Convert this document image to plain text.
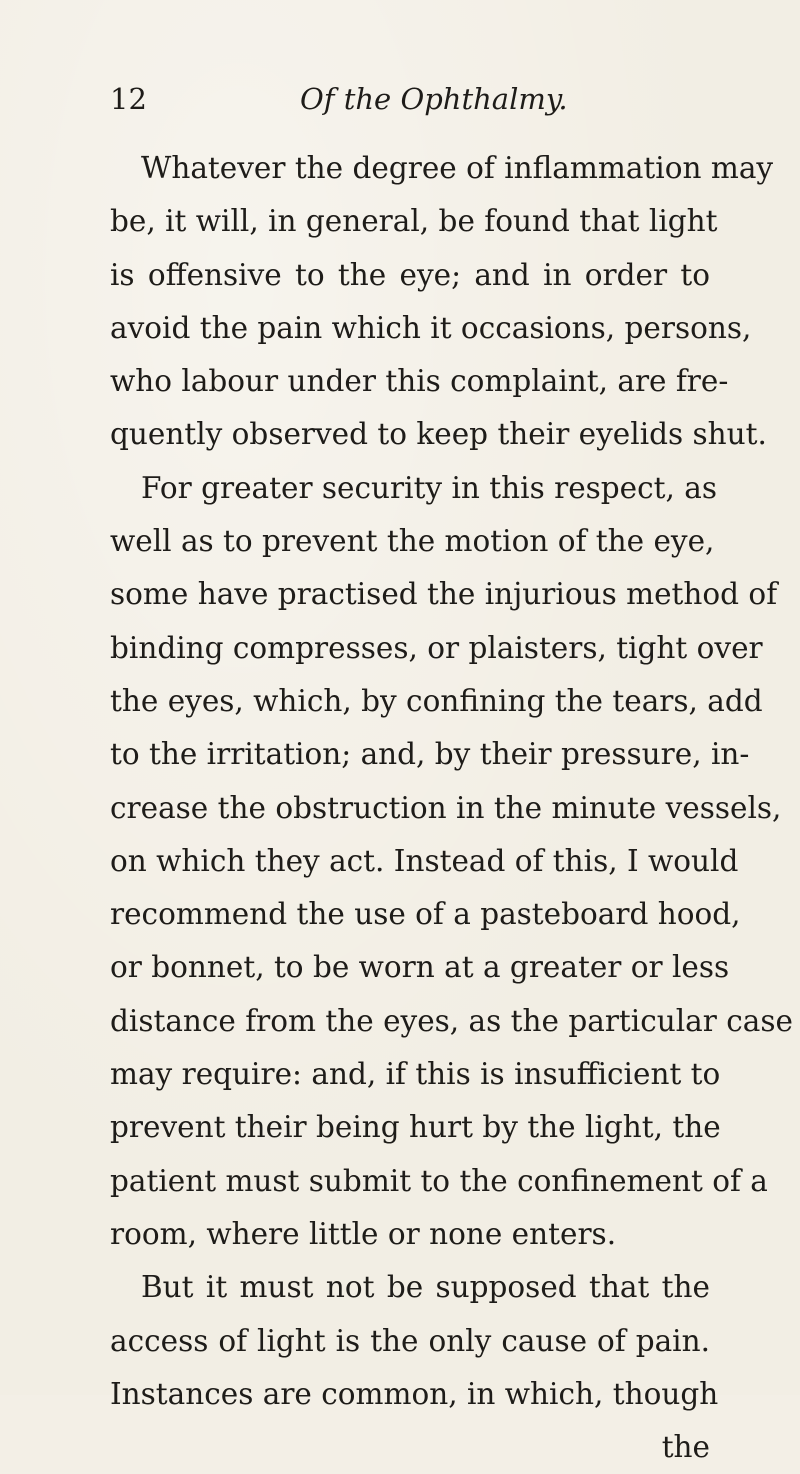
12	Of the Ophthalmy.
Whatever the degree of inflammation may
be, it will, in general, be found that light
is offensive to the eye; and in order to
avoid the pain which it occasions, persons,
who labour under this complaint, are fre-
quently observed to keep their eyelids shut.
For greater security in this respect, as
well as to prevent the motion of the eye,
some have practised the injurious method of
binding compresses, or plaisters, tight over
the eyes, which, by confining the tears, add
to the irritation; and, by their pressure, in-
crease the obstruction in the minute vessels,
on which they act. Instead of this, I would
recommend the use of a pasteboard hood,
or bonnet, to be worn at a greater or less
distance from the eyes, as the particular case
may require: and, if this is insufficient to
prevent their being hurt by the light, the
patient must submit to the confinement of a
room, where little or none enters.
But it must not be supposed that the
access of light is the only cause of pain.
Instances are common, in which, though
the
